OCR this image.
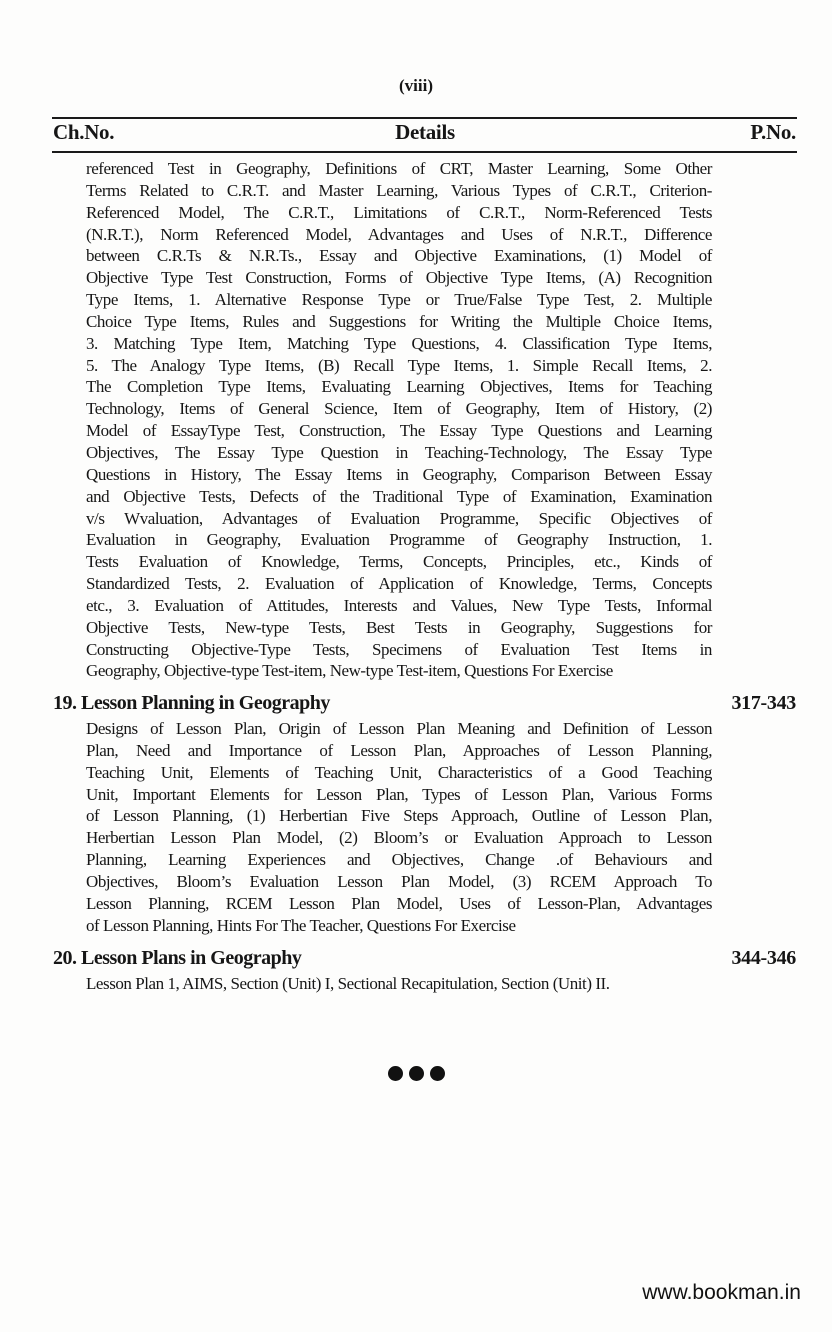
(viii)
Ch.No.	Details	P.No.
referenced Test in Geography, Definitions of CRT, Master Learning, Some Other
Terms Related to C.R.T. and Master Learning, Various Types of C.R.T., Criterion-
Referenced Model, The C.R.T., Limitations of C.R.T., Norm-Referenced Tests
(N.R.T.), Norm Referenced Model, Advantages and Uses of N.R.T., Difference
between C.R.Ts & N.R.Ts., Essay and Objective Examinations, (1) Model of
Objective Type Test Construction, Forms of Objective Type Items, (A) Recognition
Type Items, 1. Alternative Response Type or True/False Type Test, 2. Multiple
Choice Type Items, Rules and Suggestions for Writing the Multiple Choice Items,
3. Matching Type Item, Matching Type Questions, 4. Classification Type Items,
5. The Analogy Type Items, (B) Recall Type Items, 1. Simple Recall Items, 2.
The Completion Type Items, Evaluating Learning Objectives, Items for Teaching
Technology, Items of General Science, Item of Geography, Item of History, (2)
Model of EssayType Test, Construction, The Essay Type Questions and Learning
Objectives, The Essay Type Question in Teaching-Technology, The Essay Type
Questions in History, The Essay Items in Geography, Comparison Between Essay
and Objective Tests, Defects of the Traditional Type of Examination, Examination
v/s Wvaluation, Advantages of Evaluation Programme, Specific Objectives of
Evaluation in Geography, Evaluation Programme of Geography Instruction, 1.
Tests Evaluation of Knowledge, Terms, Concepts, Principles, etc., Kinds of
Standardized Tests, 2. Evaluation of Application of Knowledge, Terms, Concepts
etc., 3. Evaluation of Attitudes, Interests and Values, New Type Tests, Informal
Objective Tests, New-type Tests, Best Tests in Geography, Suggestions for
Constructing Objective-Type Tests, Specimens of Evaluation Test Items in
Geography, Objective-type Test-item, New-type Test-item, Questions For Exercise
19. Lesson Planning in Geography	317-343
Designs of Lesson Plan, Origin of Lesson Plan Meaning and Definition of Lesson
Plan, Need and Importance of Lesson Plan, Approaches of Lesson Planning,
Teaching Unit, Elements of Teaching Unit, Characteristics of a Good Teaching
Unit, Important Elements for Lesson Plan, Types of Lesson Plan, Various Forms
of Lesson Planning, (1) Herbertian Five Steps Approach, Outline of Lesson Plan,
Herbertian Lesson Plan Model, (2) Bloom’s or Evaluation Approach to Lesson
Planning, Learning Experiences and Objectives, Change .of Behaviours and
Objectives, Bloom’s Evaluation Lesson Plan Model, (3) RCEM Approach To
Lesson Planning, RCEM Lesson Plan Model, Uses of Lesson-Plan, Advantages
of Lesson Planning, Hints For The Teacher, Questions For Exercise
20. Lesson Plans in Geography	344-346
Lesson Plan 1, AIMS, Section (Unit) I, Sectional Recapitulation, Section (Unit) II.
www.bookman.in
